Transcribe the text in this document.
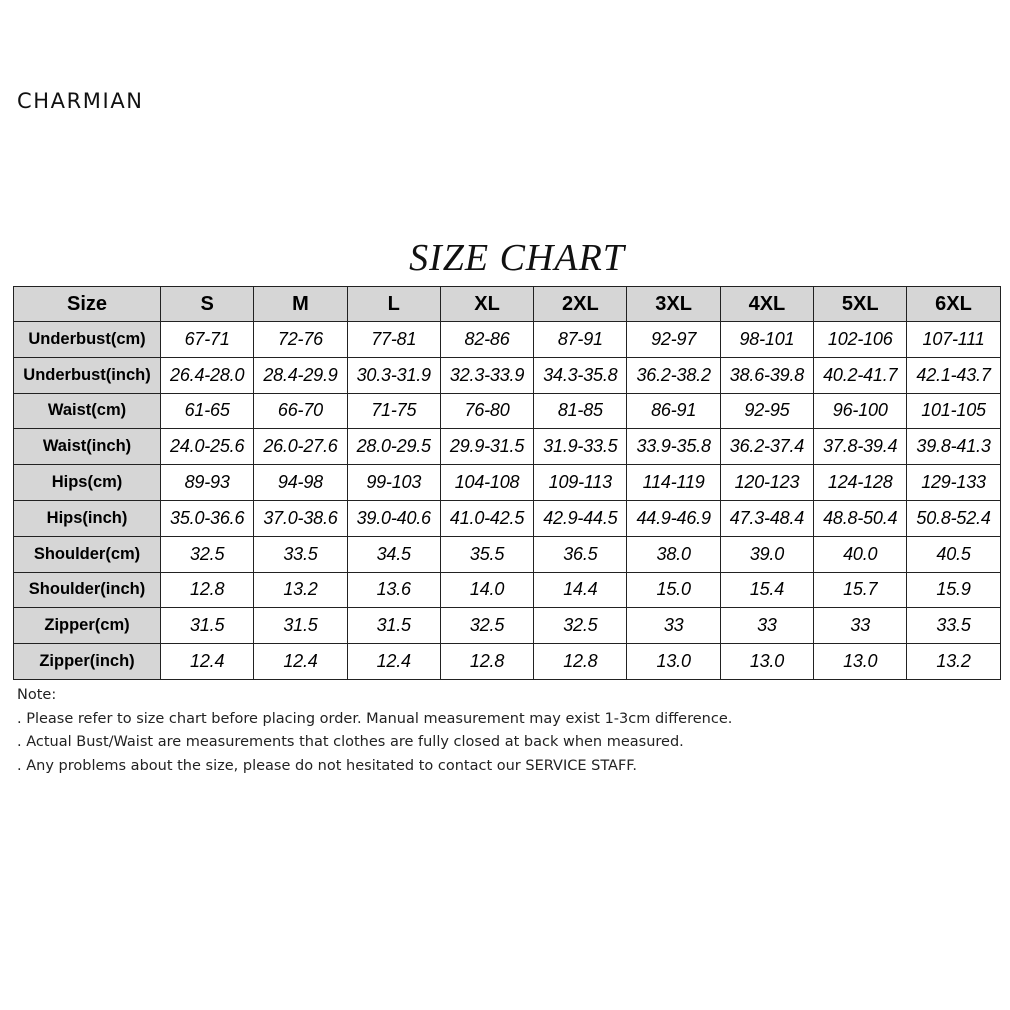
CHARMIAN
SIZE CHART
Size	S	M	L	XL	2XL	3XL	4XL	5XL	6XL
Underbust(cm)	67-71	72-76	77-81	82-86	87-91	92-97	98-101	102-106	107-111
Underbust(inch)	26.4-28.0	28.4-29.9	30.3-31.9	32.3-33.9	34.3-35.8	36.2-38.2	38.6-39.8	40.2-41.7	42.1-43.7
Waist(cm)	61-65	66-70	71-75	76-80	81-85	86-91	92-95	96-100	101-105
Waist(inch)	24.0-25.6	26.0-27.6	28.0-29.5	29.9-31.5	31.9-33.5	33.9-35.8	36.2-37.4	37.8-39.4	39.8-41.3
Hips(cm)	89-93	94-98	99-103	104-108	109-113	114-119	120-123	124-128	129-133
Hips(inch)	35.0-36.6	37.0-38.6	39.0-40.6	41.0-42.5	42.9-44.5	44.9-46.9	47.3-48.4	48.8-50.4	50.8-52.4
Shoulder(cm)	32.5	33.5	34.5	35.5	36.5	38.0	39.0	40.0	40.5
Shoulder(inch)	12.8	13.2	13.6	14.0	14.4	15.0	15.4	15.7	15.9
Zipper(cm)	31.5	31.5	31.5	32.5	32.5	33	33	33	33.5
Zipper(inch)	12.4	12.4	12.4	12.8	12.8	13.0	13.0	13.0	13.2
Note:
. Please refer to size chart before placing order. Manual measurement may exist 1-3cm difference.
. Actual Bust/Waist are measurements that clothes are fully closed at back when measured.
. Any problems about the size, please do not hesitated to contact our SERVICE STAFF.
